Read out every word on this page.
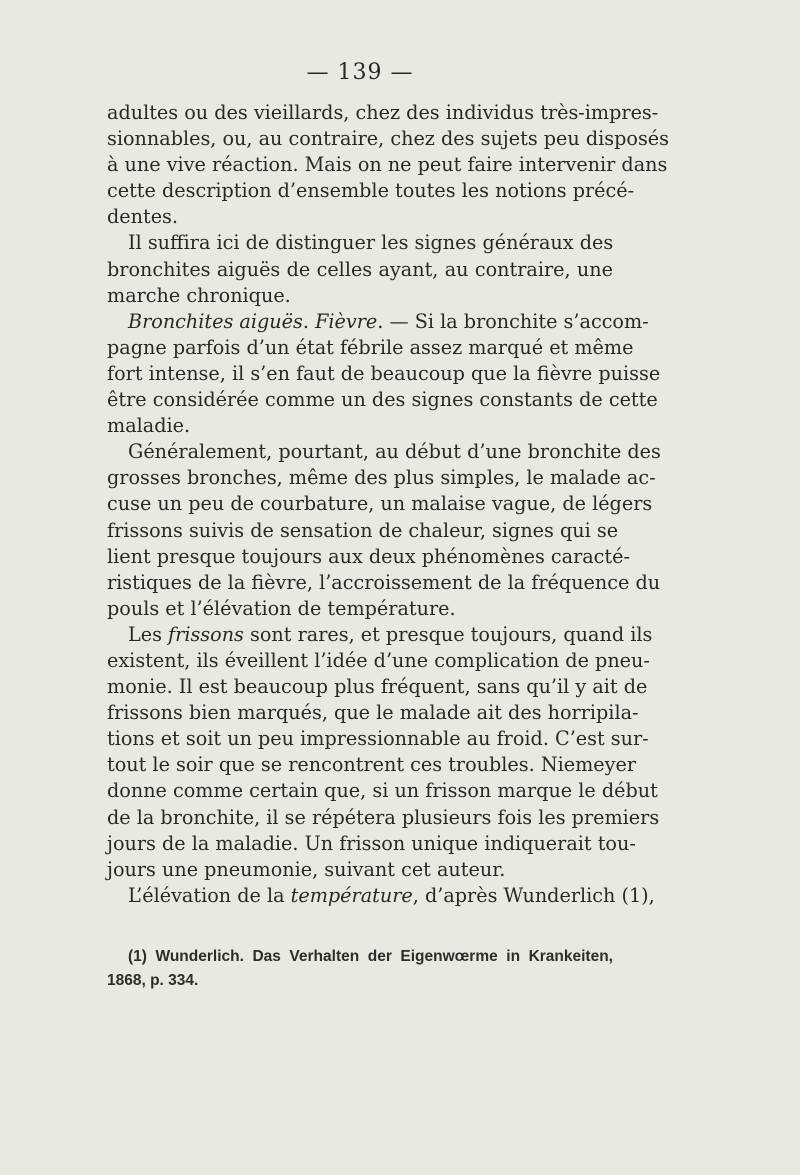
— 139 —
adultes ou des vieillards, chez des individus très-impres-
sionnables, ou, au contraire, chez des sujets peu disposés
à une vive réaction. Mais on ne peut faire intervenir dans
cette description d’ensemble toutes les notions précé-
dentes.
Il suffira ici de distinguer les signes généraux des
bronchites aiguës de celles ayant, au contraire, une
marche chronique.
Bronchites aiguës. Fièvre. — Si la bronchite s’accom-
pagne parfois d’un état fébrile assez marqué et même
fort intense, il s’en faut de beaucoup que la fièvre puisse
être considérée comme un des signes constants de cette
maladie.
Généralement, pourtant, au début d’une bronchite des
grosses bronches, même des plus simples, le malade ac-
cuse un peu de courbature, un malaise vague, de légers
frissons suivis de sensation de chaleur, signes qui se
lient presque toujours aux deux phénomènes caracté-
ristiques de la fièvre, l’accroissement de la fréquence du
pouls et l’élévation de température.
Les frissons sont rares, et presque toujours, quand ils
existent, ils éveillent l’idée d’une complication de pneu-
monie. Il est beaucoup plus fréquent, sans qu’il y ait de
frissons bien marqués, que le malade ait des horripila-
tions et soit un peu impressionnable au froid. C’est sur-
tout le soir que se rencontrent ces troubles. Niemeyer
donne comme certain que, si un frisson marque le début
de la bronchite, il se répétera plusieurs fois les premiers
jours de la maladie. Un frisson unique indiquerait tou-
jours une pneumonie, suivant cet auteur.
L’élévation de la température, d’après Wunderlich (1),
(1) Wunderlich. Das Verhalten der Eigenwœrme in Krankeiten,
1868, p. 334.
